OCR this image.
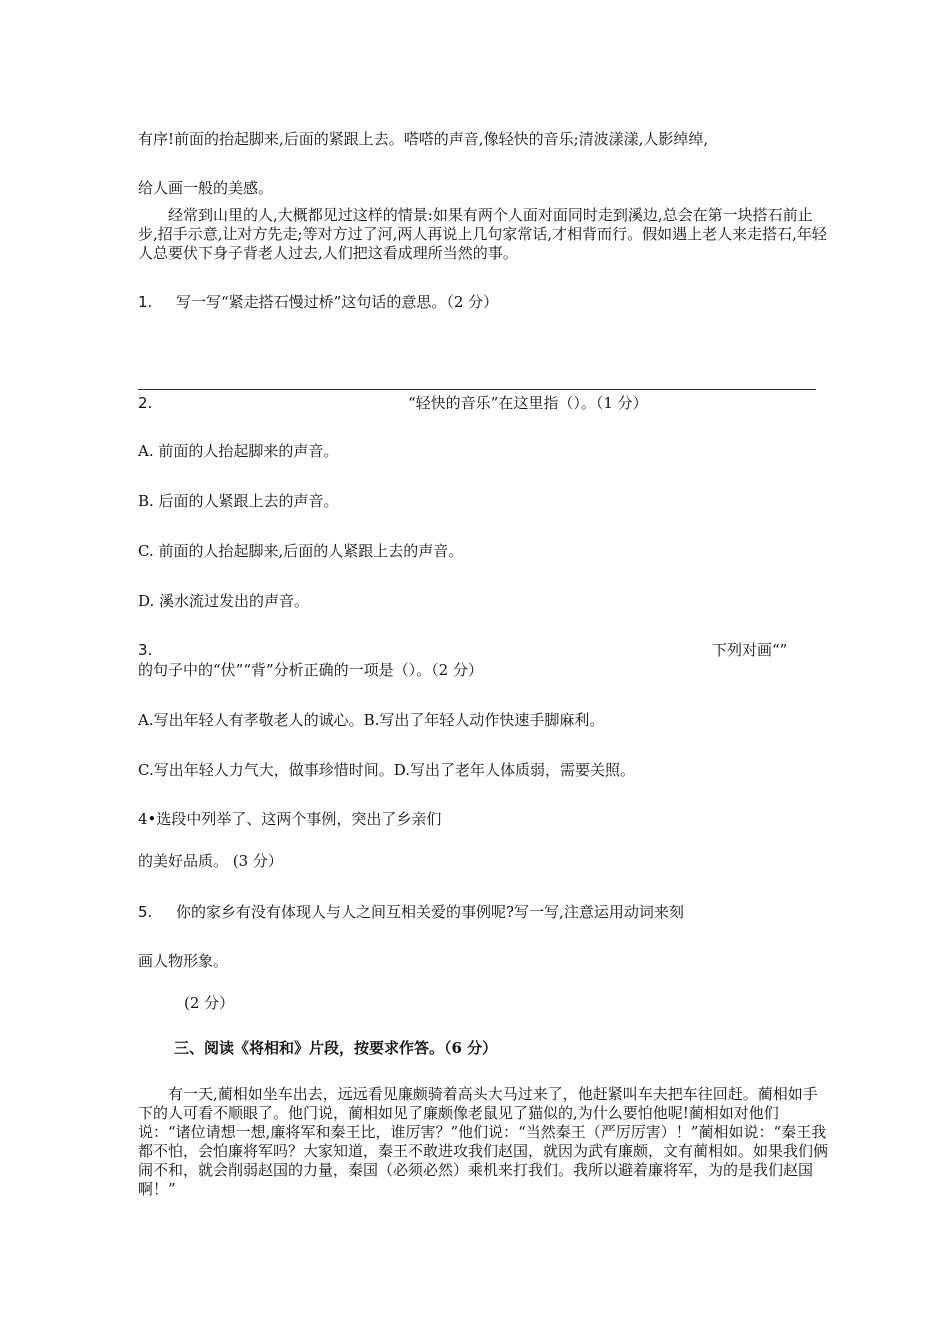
有序!前面的抬起脚来,后面的紧跟上去。嗒嗒的声音,像轻快的音乐;清波漾漾,人影绰绰,
给人画一般的美感。
经常到山里的人,大概都见过这样的情景:如果有两个人面对面同时走到溪边,总会在第一块搭石前止步,招手示意,让对方先走;等对方过了河,两人再说上几句家常话,才相背而行。假如遇上老人来走搭石,年轻人总要伏下身子背老人过去,人们把这看成理所当然的事。
1. 写一写“紧走搭石慢过桥”这句话的意思。（2 分）
2.	“轻快的音乐”在这里指（）。（1 分）
A. 前面的人抬起脚来的声音。
B. 后面的人紧跟上去的声音。
C. 前面的人抬起脚来,后面的人紧跟上去的声音。
D. 溪水流过发出的声音。
3.	下列对画“”
的句子中的“伏”“背”分析正确的一项是（）。（2 分）
A.写出年轻人有孝敬老人的诚心。B.写出了年轻人动作快速手脚麻利。
C.写出年轻人力气大，做事珍惜时间。D.写出了老年人体质弱，需要关照。
4•选段中列举了、这两个事例，突出了乡亲们
的美好品质。 (3 分）
5. 你的家乡有没有体现人与人之间互相关爱的事例呢?写一写,注意运用动词来刻
画人物形象。
(2 分）
三、阅读《将相和》片段，按要求作答。（6 分）
有一天,蔺相如坐车出去，远远看见廉颇骑着高头大马过来了，他赶紧叫车夫把车往回赶。蔺相如手下的人可看不顺眼了。他门说，蔺相如见了廉颇像老鼠见了猫似的,为什么要怕他呢!蔺相如对他们说：“诸位请想一想,廉将军和秦王比，谁厉害？”他们说：“当然秦王（严厉厉害）！”蔺相如说：“秦王我都不怕，会怕廉将军吗？大家知道，秦王不敢进攻我们赵国，就因为武有廉颇，文有蔺相如。如果我们俩闹不和，就会削弱赵国的力量，秦国（必须必然）乘机来打我们。我所以避着廉将军，为的是我们赵国啊！”
